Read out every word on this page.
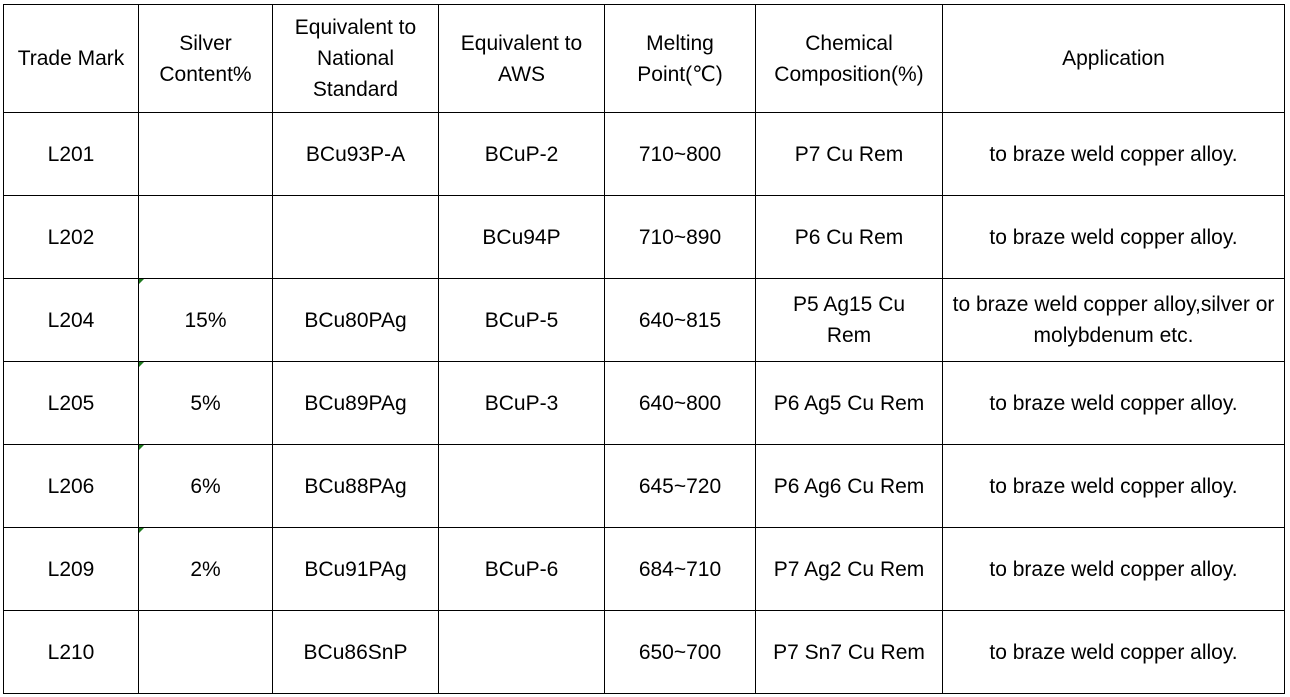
Trade Mark	Silver Content%	Equivalent to National Standard	Equivalent to AWS	Melting Point(℃)	Chemical Composition(%)	Application
L201		BCu93P-A	BCuP-2	710~800	P7 Cu Rem	to braze weld copper alloy.
L202			BCu94P	710~890	P6 Cu Rem	to braze weld copper alloy.
L204	15%	BCu80PAg	BCuP-5	640~815	P5 Ag15 Cu Rem	to braze weld copper alloy,silver or molybdenum etc.
L205	5%	BCu89PAg	BCuP-3	640~800	P6 Ag5 Cu Rem	to braze weld copper alloy.
L206	6%	BCu88PAg		645~720	P6 Ag6 Cu Rem	to braze weld copper alloy.
L209	2%	BCu91PAg	BCuP-6	684~710	P7 Ag2 Cu Rem	to braze weld copper alloy.
L210		BCu86SnP		650~700	P7 Sn7 Cu Rem	to braze weld copper alloy.
